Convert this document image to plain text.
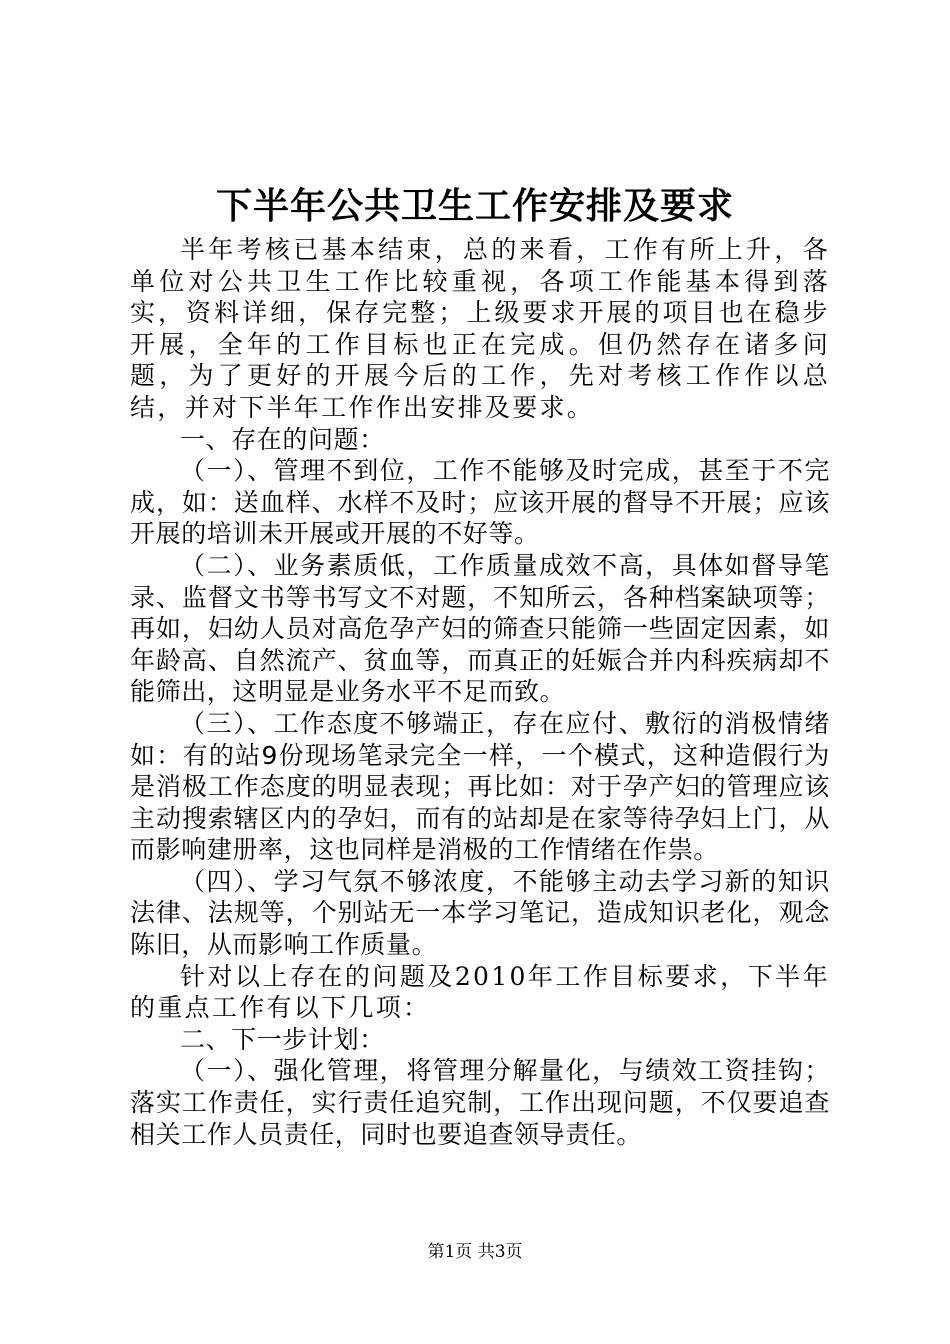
下半年公共卫生工作安排及要求

半年考核已基本结束，总的来看，工作有所上升，各单位对公共卫生工作比较重视，各项工作能基本得到落实，资料详细，保存完整；上级要求开展的项目也在稳步开展，全年的工作目标也正在完成。但仍然存在诸多问题，为了更好的开展今后的工作，先对考核工作作以总结，并对下半年工作作出安排及要求。

一、存在的问题：

（一）、管理不到位，工作不能够及时完成，甚至于不完成，如：送血样、水样不及时；应该开展的督导不开展；应该开展的培训未开展或开展的不好等。

（二）、业务素质低，工作质量成效不高，具体如督导笔录、监督文书等书写文不对题，不知所云，各种档案缺项等；再如，妇幼人员对高危孕产妇的筛查只能筛一些固定因素，如年龄高、自然流产、贫血等，而真正的妊娠合并内科疾病却不能筛出，这明显是业务水平不足而致。

（三）、工作态度不够端正，存在应付、敷衍的消极情绪如：有的站9份现场笔录完全一样，一个模式，这种造假行为是消极工作态度的明显表现；再比如：对于孕产妇的管理应该主动搜索辖区内的孕妇，而有的站却是在家等待孕妇上门，从而影响建册率，这也同样是消极的工作情绪在作祟。

（四）、学习气氛不够浓度，不能够主动去学习新的知识法律、法规等，个别站无一本学习笔记，造成知识老化，观念陈旧，从而影响工作质量。

针对以上存在的问题及2010年工作目标要求，下半年的重点工作有以下几项：

二、下一步计划：

（一）、强化管理，将管理分解量化，与绩效工资挂钩；落实工作责任，实行责任追究制，工作出现问题，不仅要追查相关工作人员责任，同时也要追查领导责任。

第1页 共3页
